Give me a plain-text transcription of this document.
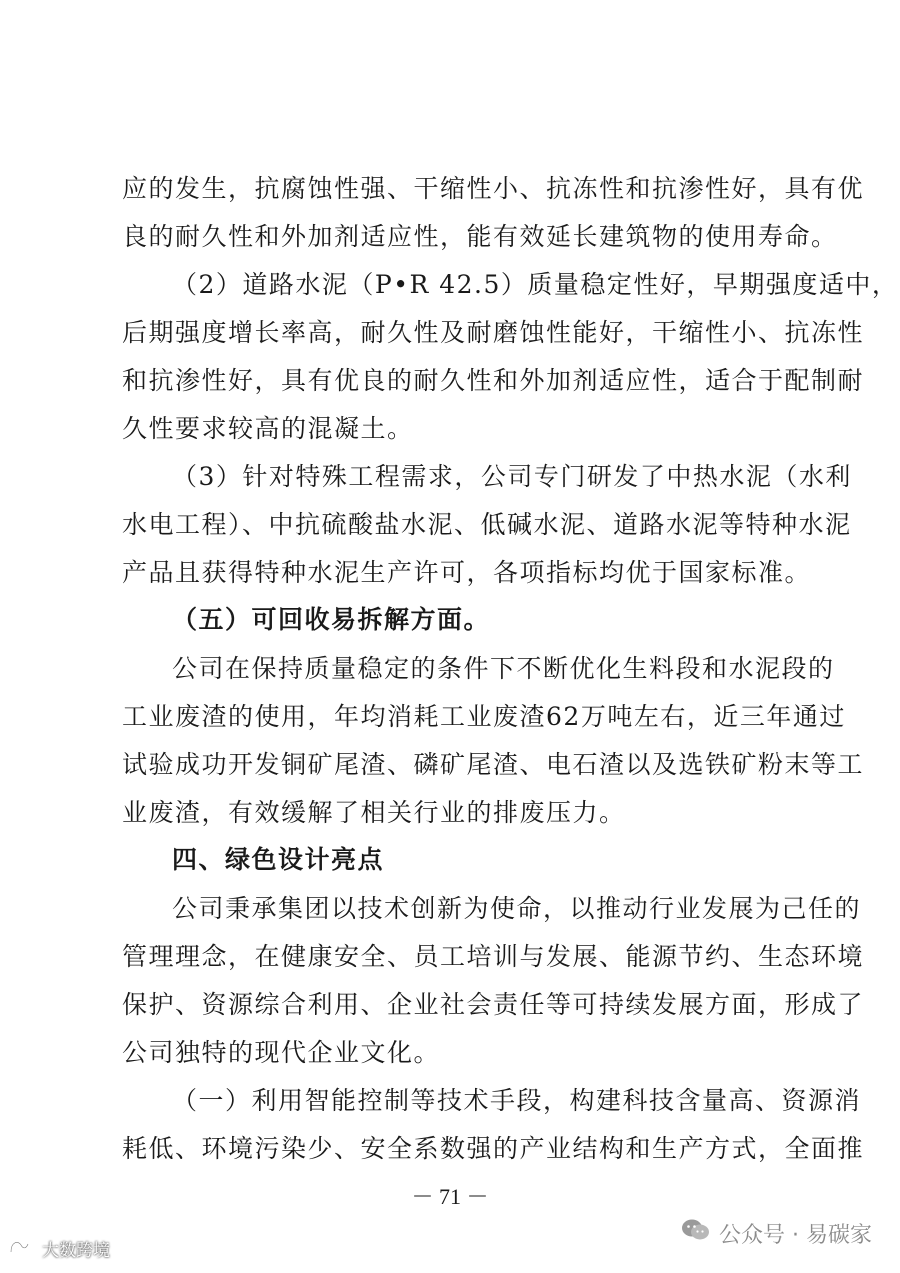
应的发生，抗腐蚀性强、干缩性小、抗冻性和抗渗性好，具有优
良的耐久性和外加剂适应性，能有效延长建筑物的使用寿命。
（2）道路水泥（P•R 42.5）质量稳定性好，早期强度适中，
后期强度增长率高，耐久性及耐磨蚀性能好，干缩性小、抗冻性
和抗渗性好，具有优良的耐久性和外加剂适应性，适合于配制耐
久性要求较高的混凝土。
（3）针对特殊工程需求，公司专门研发了中热水泥（水利
水电工程）、中抗硫酸盐水泥、低碱水泥、道路水泥等特种水泥
产品且获得特种水泥生产许可，各项指标均优于国家标准。
（五）可回收易拆解方面。
公司在保持质量稳定的条件下不断优化生料段和水泥段的
工业废渣的使用，年均消耗工业废渣62万吨左右，近三年通过
试验成功开发铜矿尾渣、磷矿尾渣、电石渣以及选铁矿粉末等工
业废渣，有效缓解了相关行业的排废压力。
四、绿色设计亮点
公司秉承集团以技术创新为使命，以推动行业发展为己任的
管理理念，在健康安全、员工培训与发展、能源节约、生态环境
保护、资源综合利用、企业社会责任等可持续发展方面，形成了
公司独特的现代企业文化。
（一）利用智能控制等技术手段，构建科技含量高、资源消
耗低、环境污染少、安全系数强的产业结构和生产方式，全面推
－ 71 －
公众号 · 易碳家
大数跨境
